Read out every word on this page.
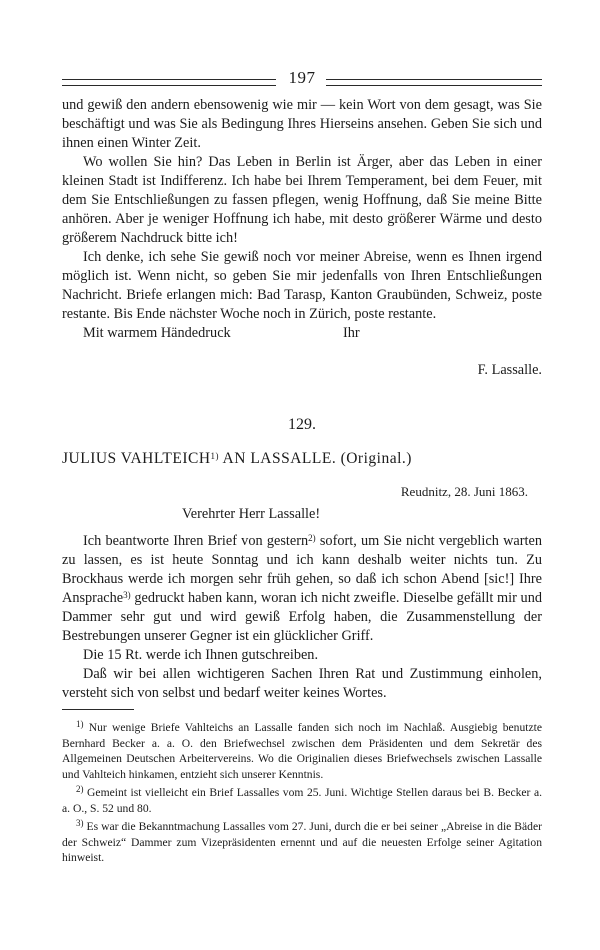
197

und gewiß den andern ebensowenig wie mir — kein Wort von dem gesagt, was Sie beschäftigt und was Sie als Bedingung Ihres Hierseins ansehen. Geben Sie sich und ihnen einen Winter Zeit.

Wo wollen Sie hin? Das Leben in Berlin ist Ärger, aber das Leben in einer kleinen Stadt ist Indifferenz. Ich habe bei Ihrem Temperament, bei dem Feuer, mit dem Sie Entschließungen zu fassen pflegen, wenig Hoffnung, daß Sie meine Bitte anhören. Aber je weniger Hoffnung ich habe, mit desto größerer Wärme und desto größerem Nachdruck bitte ich!

Ich denke, ich sehe Sie gewiß noch vor meiner Abreise, wenn es Ihnen irgend möglich ist. Wenn nicht, so geben Sie mir jedenfalls von Ihren Entschließungen Nachricht. Briefe erlangen mich: Bad Tarasp, Kanton Graubünden, Schweiz, poste restante. Bis Ende nächster Woche noch in Zürich, poste restante.

Mit warmem Händedruck	Ihr
F. Lassalle.
129.
JULIUS VAHLTEICH$^{1)}$ AN LASSALLE. (Original.)
Reudnitz, 28. Juni 1863.
Verehrter Herr Lassalle!

Ich beantworte Ihren Brief von gestern$^{2)}$ sofort, um Sie nicht vergeblich warten zu lassen, es ist heute Sonntag und ich kann deshalb weiter nichts tun. Zu Brockhaus werde ich morgen sehr früh gehen, so daß ich schon Abend [sic!] Ihre Ansprache$^{3)}$ gedruckt haben kann, woran ich nicht zweifle. Dieselbe gefällt mir und Dammer sehr gut und wird gewiß Erfolg haben, die Zusammenstellung der Bestrebungen unserer Gegner ist ein glücklicher Griff.

Die 15 Rt. werde ich Ihnen gutschreiben.

Daß wir bei allen wichtigeren Sachen Ihren Rat und Zustimmung einholen, versteht sich von selbst und bedarf weiter keines Wortes.

$^{1)}$ Nur wenige Briefe Vahlteichs an Lassalle fanden sich noch im Nachlaß. Ausgiebig benutzte Bernhard Becker a. a. O. den Briefwechsel zwischen dem Präsidenten und dem Sekretär des Allgemeinen Deutschen Arbeitervereins. Wo die Originalien dieses Briefwechsels zwischen Lassalle und Vahlteich hinkamen, entzieht sich unserer Kenntnis.

$^{2)}$ Gemeint ist vielleicht ein Brief Lassalles vom 25. Juni. Wichtige Stellen daraus bei B. Becker a. a. O., S. 52 und 80.

$^{3)}$ Es war die Bekanntmachung Lassalles vom 27. Juni, durch die er bei seiner „Abreise in die Bäder der Schweiz“ Dammer zum Vizepräsidenten ernennt und auf die neuesten Erfolge seiner Agitation hinweist.
